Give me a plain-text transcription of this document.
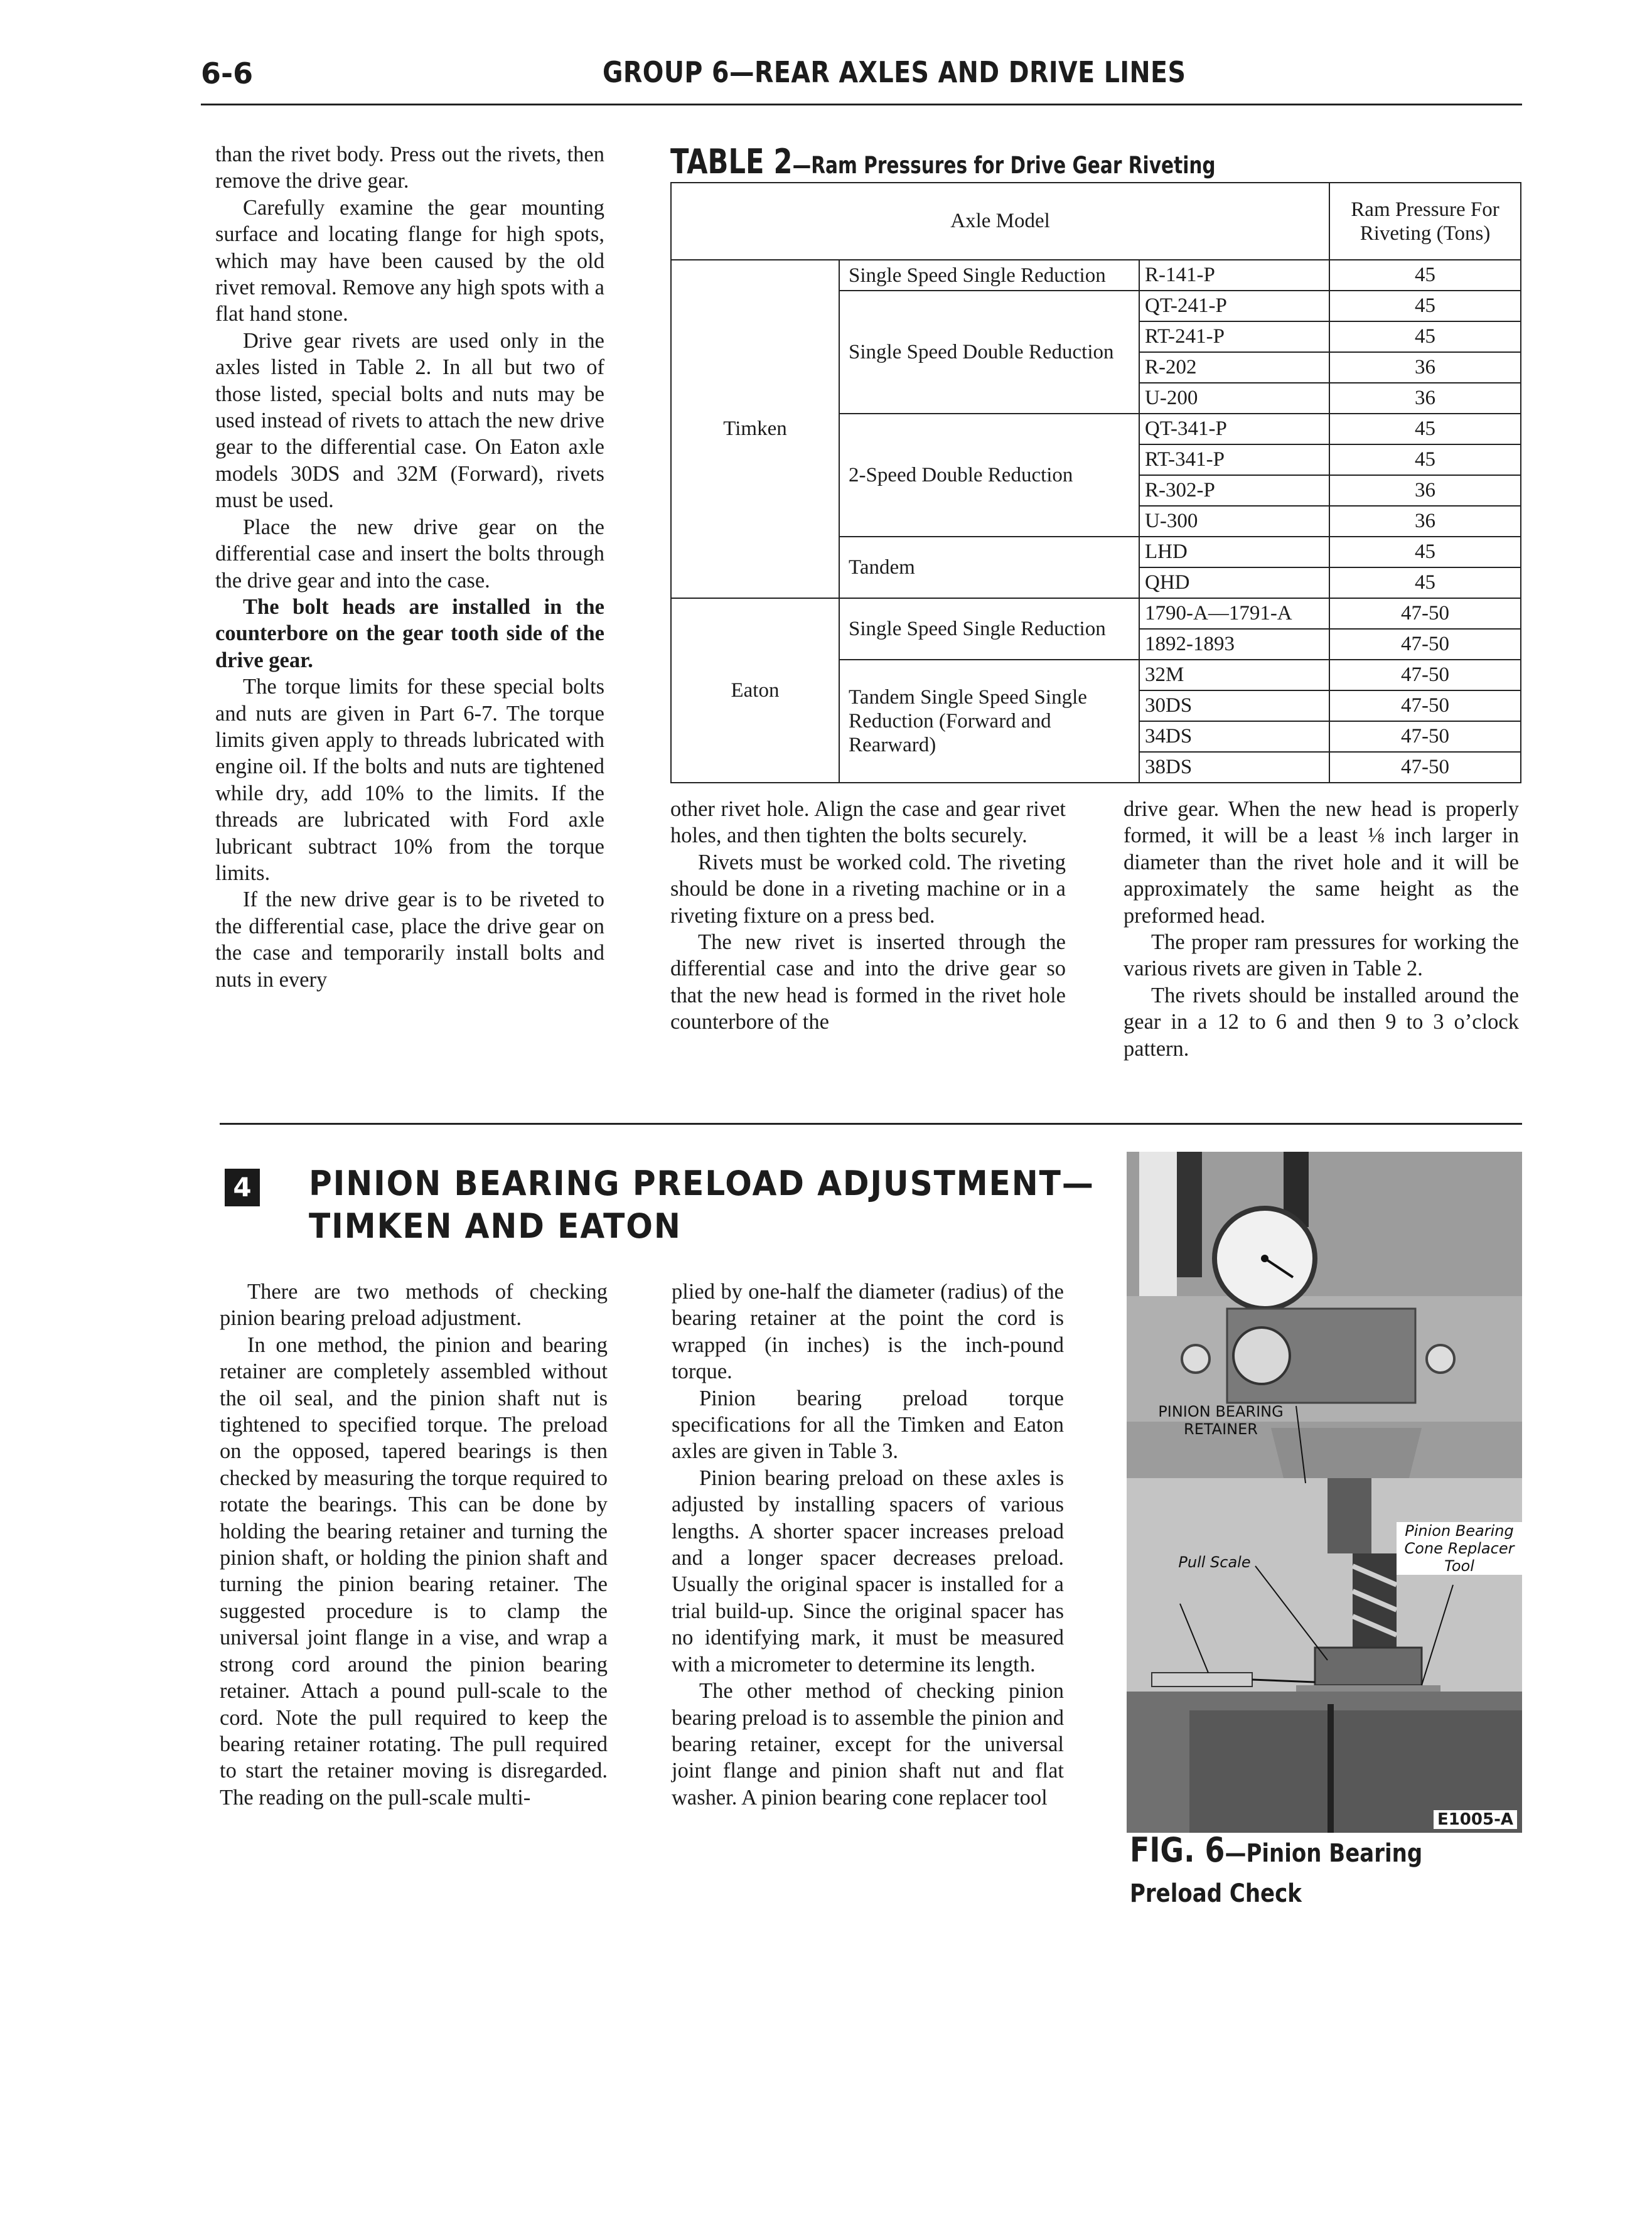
6-6	GROUP 6—REAR AXLES AND DRIVE LINES

than the rivet body. Press out the rivets, then remove the drive gear.

Carefully examine the gear mounting surface and locating flange for high spots, which may have been caused by the old rivet removal. Remove any high spots with a flat hand stone.

Drive gear rivets are used only in the axles listed in Table 2. In all but two of those listed, special bolts and nuts may be used instead of rivets to attach the new drive gear to the differential case. On Eaton axle models 30DS and 32M (Forward), rivets must be used.

Place the new drive gear on the differential case and insert the bolts through the drive gear and into the case.

The bolt heads are installed in the counterbore on the gear tooth side of the drive gear.

The torque limits for these special bolts and nuts are given in Part 6-7. The torque limits given apply to threads lubricated with engine oil. If the bolts and nuts are tightened while dry, add 10% to the limits. If the threads are lubricated with Ford axle lubricant subtract 10% from the torque limits.

If the new drive gear is to be riveted to the differential case, place the drive gear on the case and temporarily install bolts and nuts in every

TABLE 2—Ram Pressures for Drive Gear Riveting
Axle Model			Ram Pressure For Riveting (Tons)
Timken	Single Speed Single Reduction	R-141-P	45
	Single Speed Double Reduction	QT-241-P	45
		RT-241-P	45
		R-202	36
		U-200	36
	2-Speed Double Reduction	QT-341-P	45
		RT-341-P	45
		R-302-P	36
		U-300	36
	Tandem	LHD	45
		QHD	45
Eaton	Single Speed Single Reduction	1790-A—1791-A	47-50
		1892-1893	47-50
	Tandem Single Speed Single Reduction (Forward and Rearward)	32M	47-50
		30DS	47-50
		34DS	47-50
		38DS	47-50

other rivet hole. Align the case and gear rivet holes, and then tighten the bolts securely.

Rivets must be worked cold. The riveting should be done in a riveting machine or in a riveting fixture on a press bed.

The new rivet is inserted through the differential case and into the drive gear so that the new head is formed in the rivet hole counterbore of the

drive gear. When the new head is properly formed, it will be a least ⅛ inch larger in diameter than the rivet hole and it will be approximately the same height as the preformed head.

The proper ram pressures for working the various rivets are given in Table 2.

The rivets should be installed around the gear in a 12 to 6 and then 9 to 3 o’clock pattern.

4 PINION BEARING PRELOAD ADJUSTMENT—
TIMKEN AND EATON

There are two methods of checking pinion bearing preload adjustment.

In one method, the pinion and bearing retainer are completely assembled without the oil seal, and the pinion shaft nut is tightened to specified torque. The preload on the opposed, tapered bearings is then checked by measuring the torque required to rotate the bearings. This can be done by holding the bearing retainer and turning the pinion shaft, or holding the pinion shaft and turning the pinion bearing retainer. The suggested procedure is to clamp the universal joint flange in a vise, and wrap a strong cord around the pinion bearing retainer. Attach a pound pull-scale to the cord. Note the pull required to keep the bearing retainer rotating. The pull required to start the retainer moving is disregarded. The reading on the pull-scale multi-

plied by one-half the diameter (radius) of the bearing retainer at the point the cord is wrapped (in inches) is the inch-pound torque.

Pinion bearing preload torque specifications for all the Timken and Eaton axles are given in Table 3.

Pinion bearing preload on these axles is adjusted by installing spacers of various lengths. A shorter spacer increases preload and a longer spacer decreases preload. Usually the original spacer is installed for a trial build-up. Since the original spacer has no identifying mark, it must be measured with a micrometer to determine its length.

The other method of checking pinion bearing preload is to assemble the pinion and bearing retainer, except for the universal joint flange and pinion shaft nut and flat washer. A pinion bearing cone replacer tool

PINION BEARING RETAINER
Pull Scale
Pinion Bearing Cone Replacer Tool
E1005-A
FIG. 6—Pinion Bearing Preload Check
